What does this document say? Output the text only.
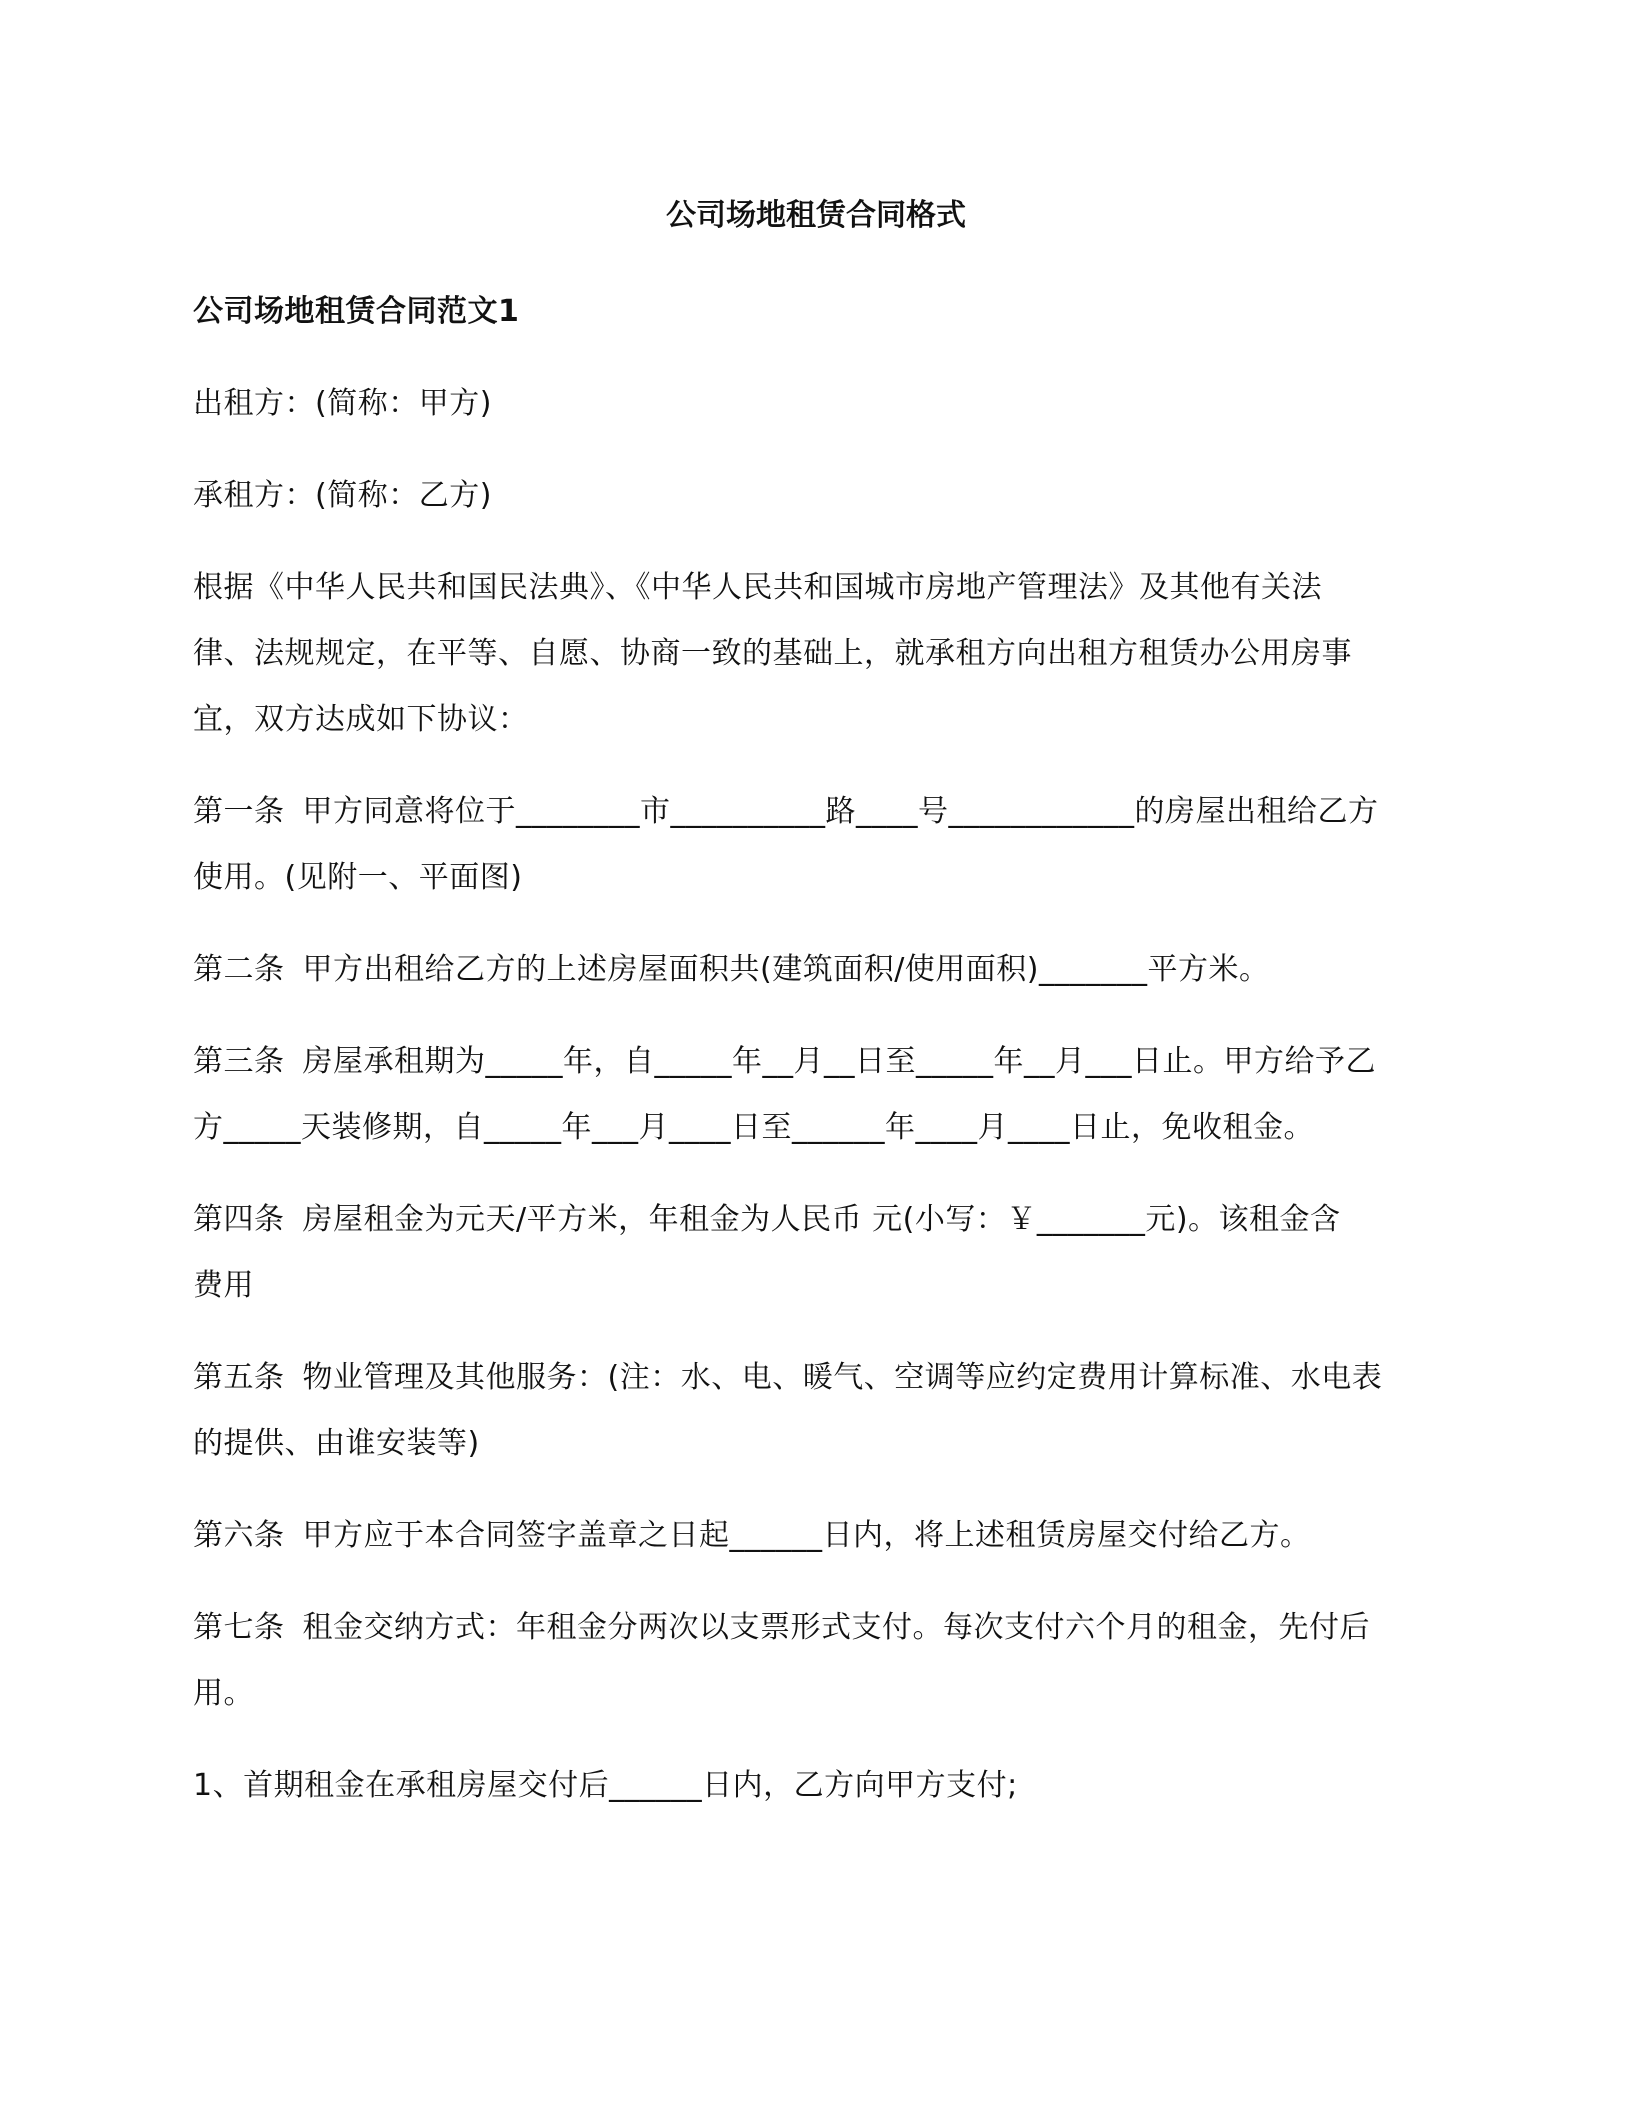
公司场地租赁合同格式
公司场地租赁合同范文1
出租方：(简称：甲方)
承租方：(简称：乙方)
根据《中华人民共和国民法典》、《中华人民共和国城市房地产管理法》及其他有关法
律、法规规定，在平等、自愿、协商一致的基础上，就承租方向出租方租赁办公用房事
宜，双方达成如下协议：
第一条 甲方同意将位于________市__________路____号____________的房屋出租给乙方
使用。(见附一、平面图)
第二条 甲方出租给乙方的上述房屋面积共(建筑面积/使用面积)_______平方米。
第三条 房屋承租期为_____年，自_____年__月__日至_____年__月___日止。甲方给予乙
方_____天装修期，自_____年___月____日至______年____月____日止，免收租金。
第四条 房屋租金为元天/平方米，年租金为人民币 元(小写：￥_______元)。该租金含
费用
第五条 物业管理及其他服务：(注：水、电、暖气、空调等应约定费用计算标准、水电表
的提供、由谁安装等)
第六条 甲方应于本合同签字盖章之日起______日内，将上述租赁房屋交付给乙方。
第七条 租金交纳方式：年租金分两次以支票形式支付。每次支付六个月的租金，先付后
用。
1、首期租金在承租房屋交付后______日内，乙方向甲方支付;
